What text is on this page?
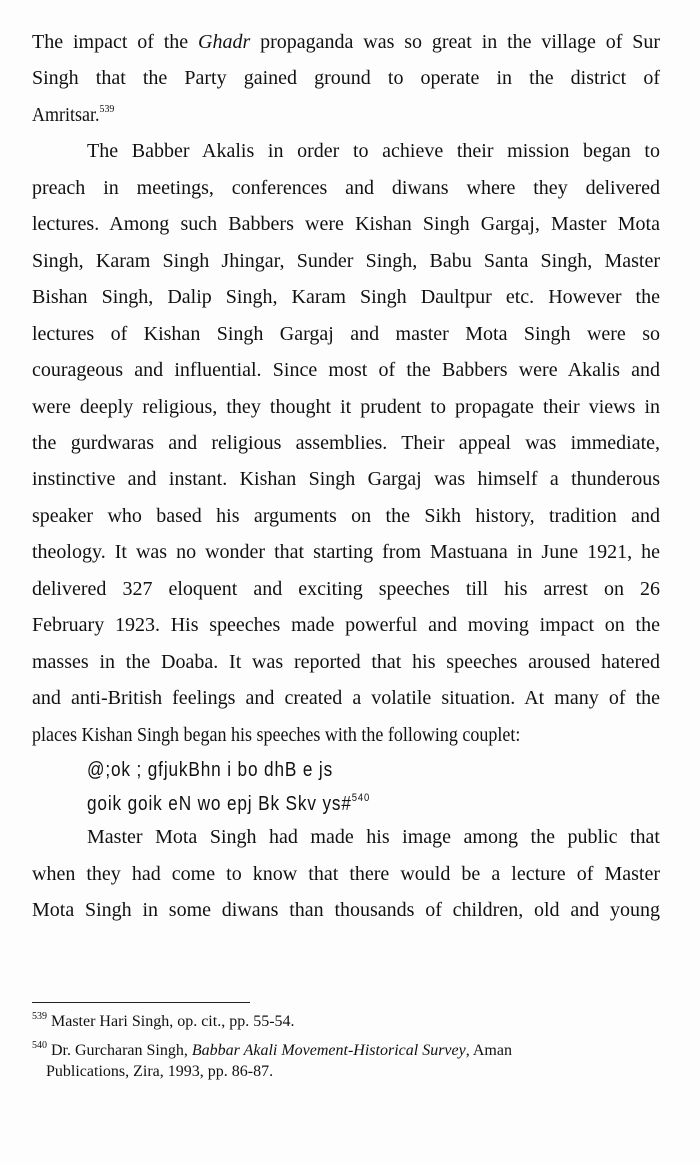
The impact of the Ghadr propaganda was so great in the village of Sur
Singh that the Party gained ground to operate in the district of
Amritsar.$^{539}$
The Babber Akalis in order to achieve their mission began to
preach in meetings, conferences and diwans where they delivered
lectures. Among such Babbers were Kishan Singh Gargaj, Master Mota
Singh, Karam Singh Jhingar, Sunder Singh, Babu Santa Singh, Master
Bishan Singh, Dalip Singh, Karam Singh Daultpur etc. However the
lectures of Kishan Singh Gargaj and master Mota Singh were so
courageous and influential. Since most of the Babbers were Akalis and
were deeply religious, they thought it prudent to propagate their views in
the gurdwaras and religious assemblies. Their appeal was immediate,
instinctive and instant. Kishan Singh Gargaj was himself a thunderous
speaker who based his arguments on the Sikh history, tradition and
theology. It was no wonder that starting from Mastuana in June 1921, he
delivered 327 eloquent and exciting speeches till his arrest on 26
February 1923. His speeches made powerful and moving impact on the
masses in the Doaba. It was reported that his speeches aroused hatered
and anti-British feelings and created a volatile situation. At many of the
places Kishan Singh began his speeches with the following couplet:
@;ok ; gfjukBhn i bo dhB e js
goik goik eN wo epj Bk Skv ys#$^{540}$
Master Mota Singh had made his image among the public that
when they had come to know that there would be a lecture of Master
Mota Singh in some diwans than thousands of children, old and young
$^{539}$ Master Hari Singh, op. cit., pp. 55-54.
$^{540}$ Dr. Gurcharan Singh, Babbar Akali Movement-Historical Survey, Aman
Publications, Zira, 1993, pp. 86-87.
